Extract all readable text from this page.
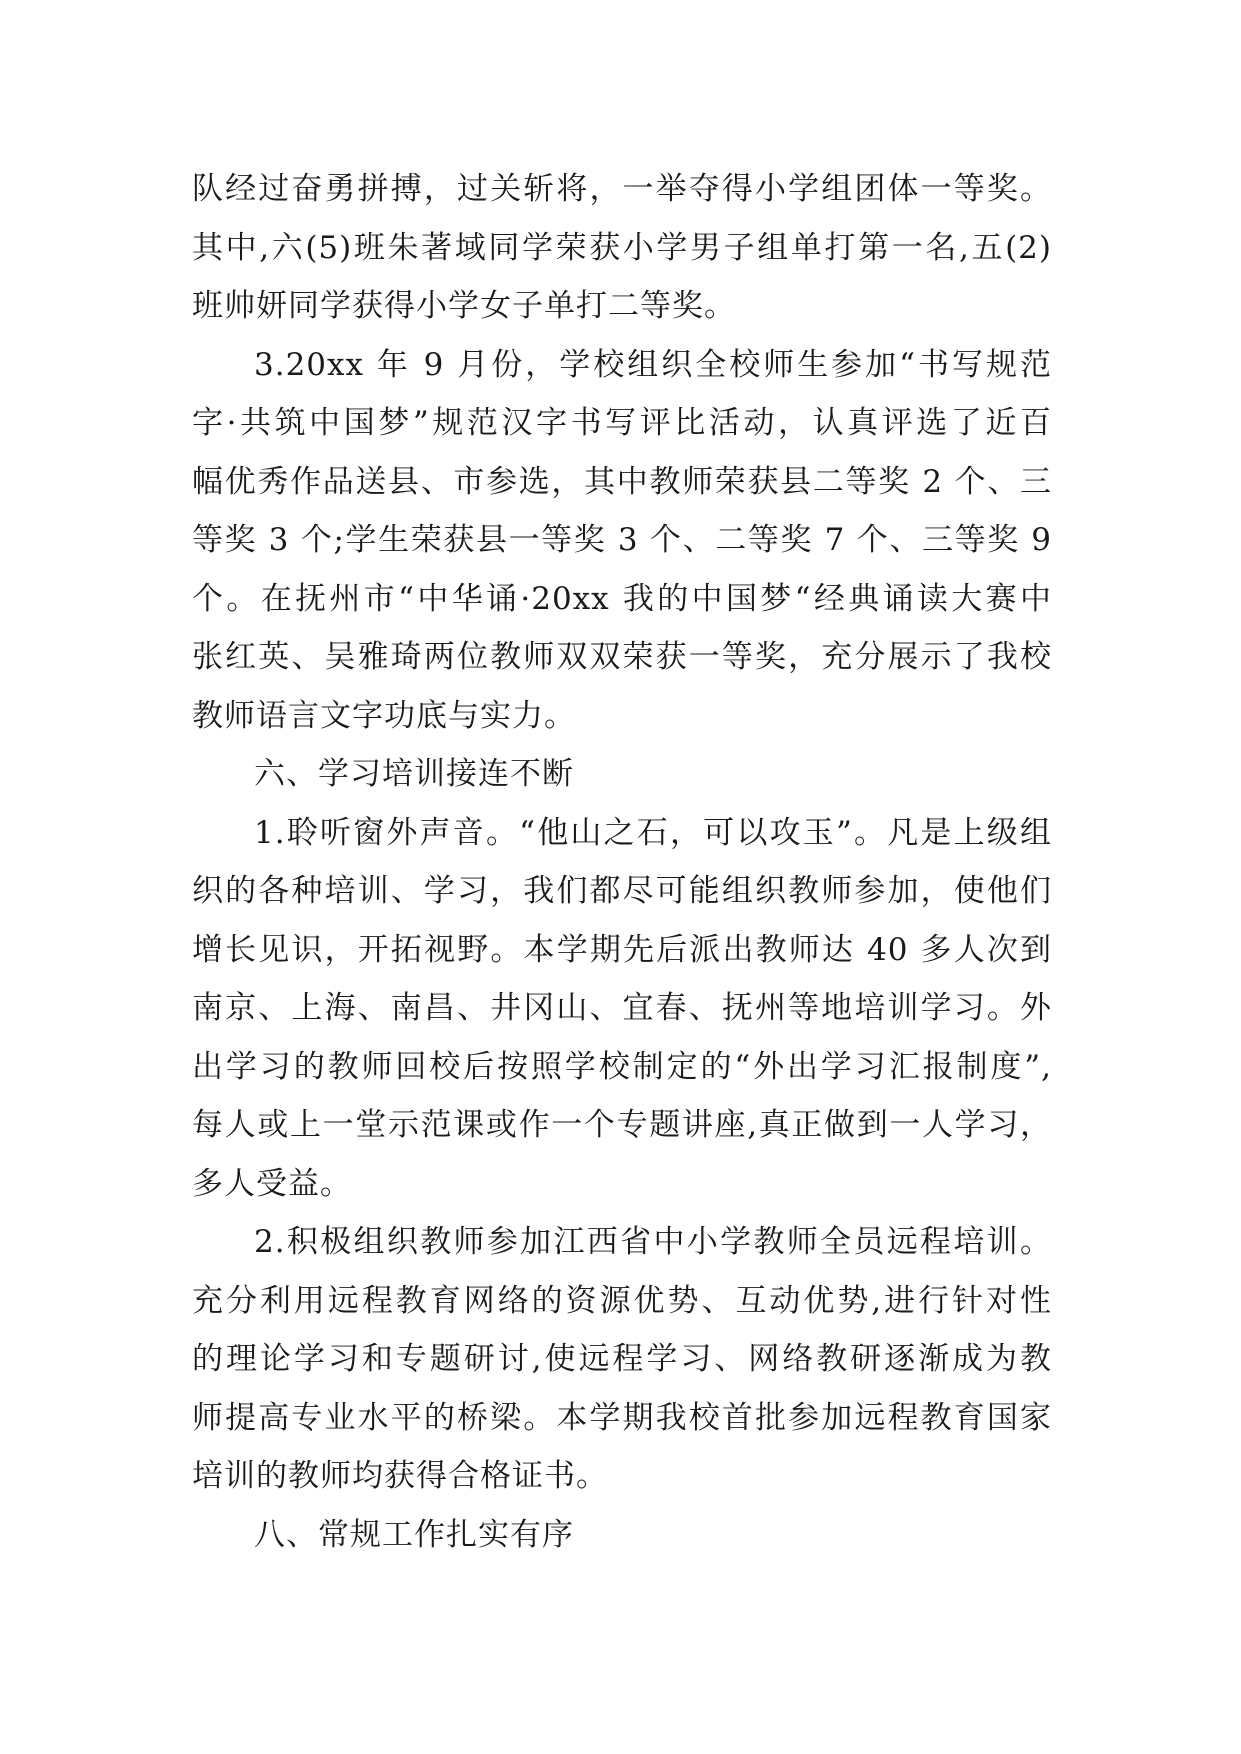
队经过奋勇拼搏，过关斩将，一举夺得小学组团体一等奖。
其中,六(5)班朱著域同学荣获小学男子组单打第一名,五(2)
班帅妍同学获得小学女子单打二等奖。
3.20xx 年 9 月份，学校组织全校师生参加“书写规范
字·共筑中国梦”规范汉字书写评比活动，认真评选了近百
幅优秀作品送县、市参选，其中教师荣获县二等奖 2 个、三
等奖 3 个;学生荣获县一等奖 3 个、二等奖 7 个、三等奖 9
个。在抚州市“中华诵·20xx 我的中国梦“经典诵读大赛中
张红英、吴雅琦两位教师双双荣获一等奖，充分展示了我校
教师语言文字功底与实力。
六、学习培训接连不断
1.聆听窗外声音。“他山之石，可以攻玉”。凡是上级组
织的各种培训、学习，我们都尽可能组织教师参加，使他们
增长见识，开拓视野。本学期先后派出教师达 40 多人次到
南京、上海、南昌、井冈山、宜春、抚州等地培训学习。外
出学习的教师回校后按照学校制定的“外出学习汇报制度”,
每人或上一堂示范课或作一个专题讲座,真正做到一人学习，
多人受益。
2.积极组织教师参加江西省中小学教师全员远程培训。
充分利用远程教育网络的资源优势、互动优势,进行针对性
的理论学习和专题研讨,使远程学习、网络教研逐渐成为教
师提高专业水平的桥梁。本学期我校首批参加远程教育国家
培训的教师均获得合格证书。
八、常规工作扎实有序
